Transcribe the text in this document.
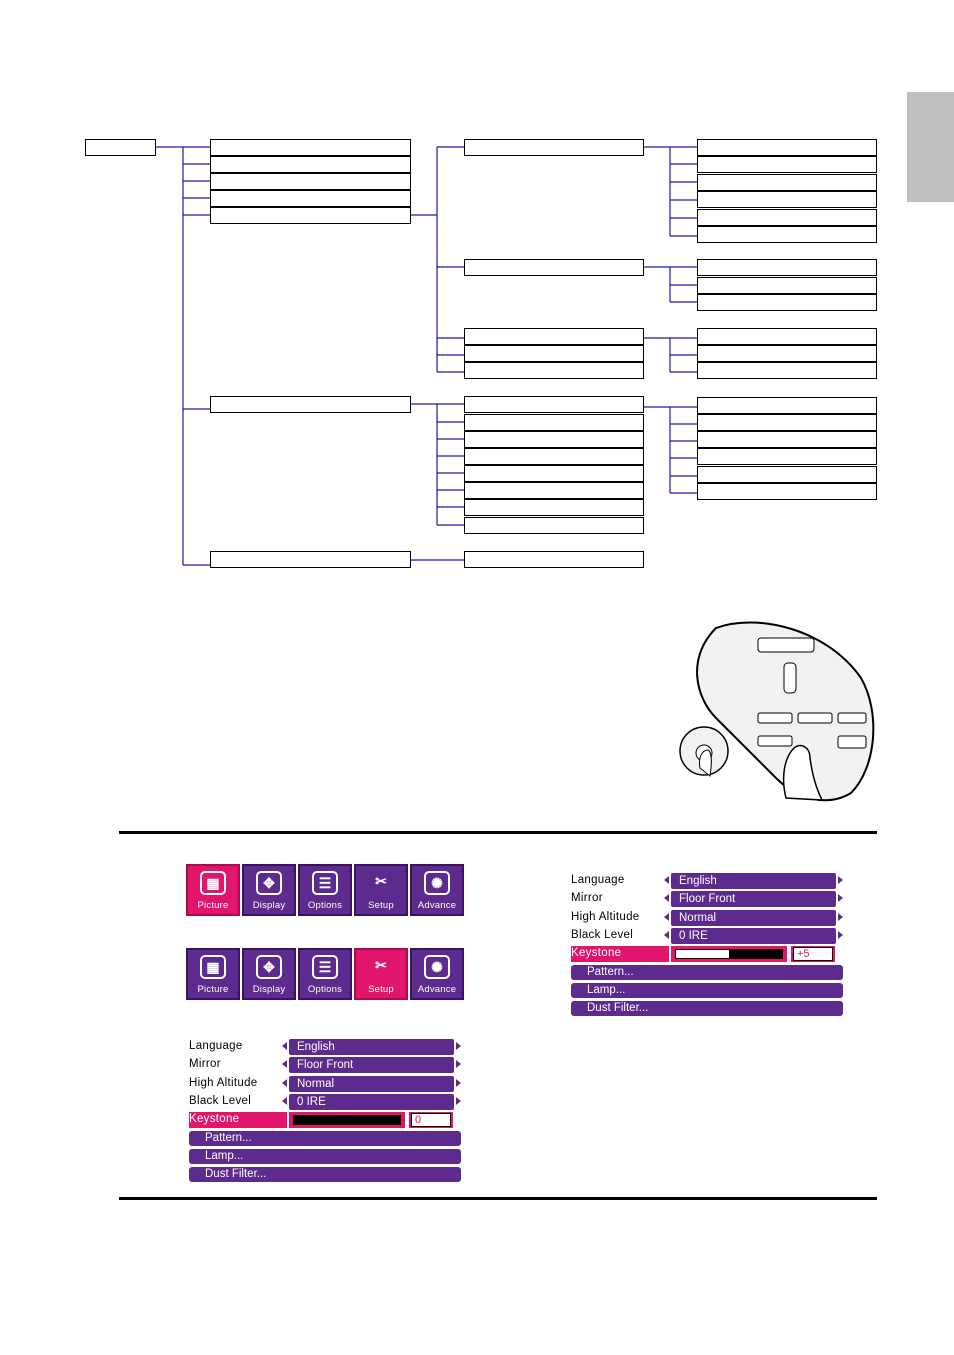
▦
Picture
✥
Display
☰
Options
✂
Setup
✺
Advance
▦
Picture
✥
Display
☰
Options
✂
Setup
✺
Advance
Language	English
Mirror	Floor Front
High Altitude	Normal
Black Level	0 IRE
Keystone	0
Pattern...
Lamp...
Dust Filter...
Language	English
Mirror	Floor Front
High Altitude	Normal
Black Level	0 IRE
Keystone	+5
Pattern...
Lamp...
Dust Filter...
